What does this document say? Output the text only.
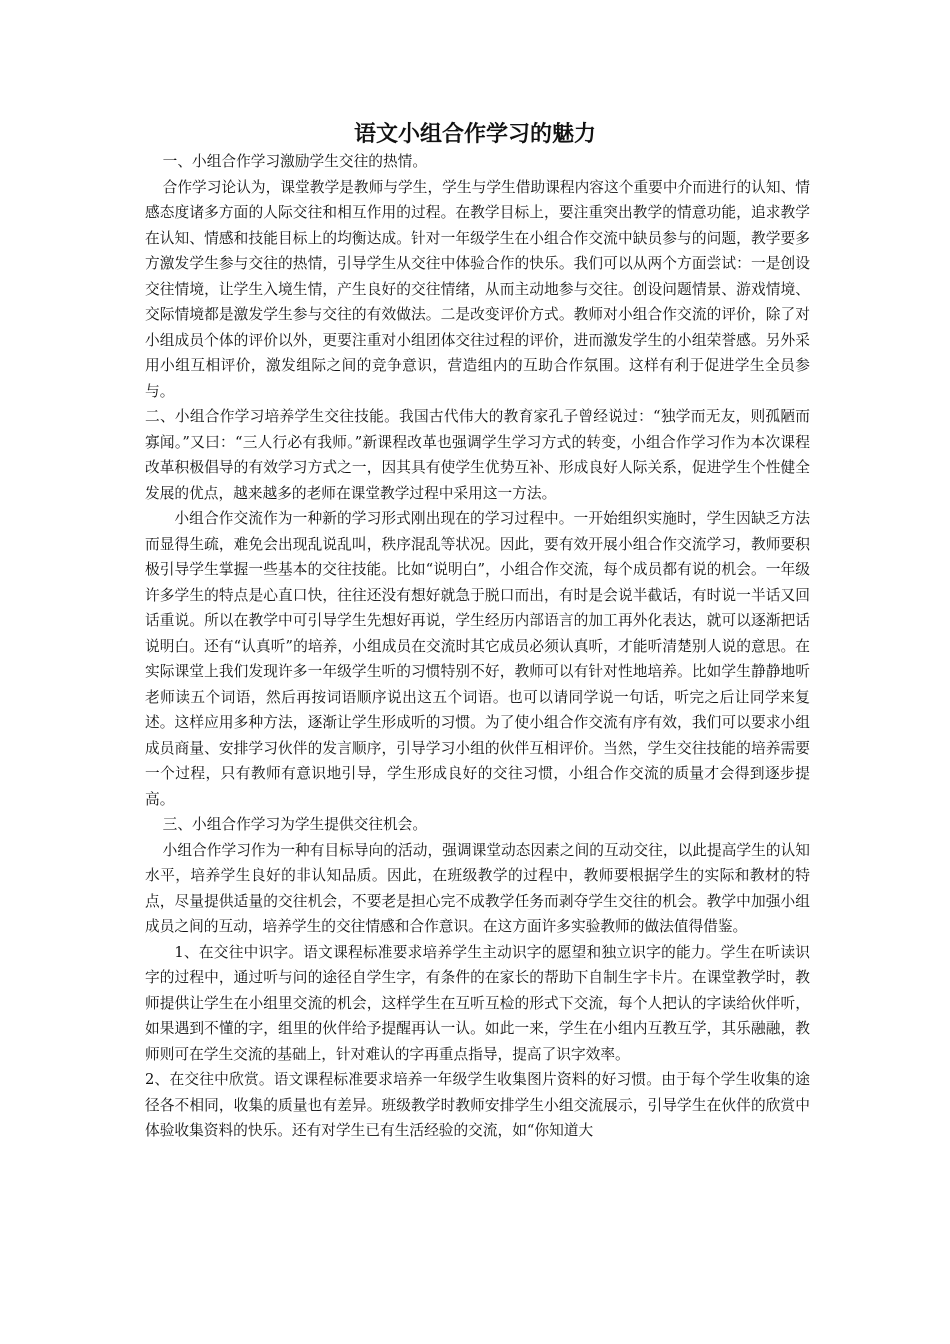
语文小组合作学习的魅力

一、小组合作学习激励学生交往的热情。

合作学习论认为，课堂教学是教师与学生，学生与学生借助课程内容这个重要中介而进行的认知、情感态度诸多方面的人际交往和相互作用的过程。在教学目标上，要注重突出教学的情意功能，追求教学在认知、情感和技能目标上的均衡达成。针对一年级学生在小组合作交流中缺员参与的问题，教学要多方激发学生参与交往的热情，引导学生从交往中体验合作的快乐。我们可以从两个方面尝试：一是创设交往情境，让学生入境生情，产生良好的交往情绪，从而主动地参与交往。创设问题情景、游戏情境、交际情境都是激发学生参与交往的有效做法。二是改变评价方式。教师对小组合作交流的评价，除了对小组成员个体的评价以外，更要注重对小组团体交往过程的评价，进而激发学生的小组荣誉感。另外采用小组互相评价，激发组际之间的竞争意识，营造组内的互助合作氛围。这样有利于促进学生全员参与。

二、小组合作学习培养学生交往技能。我国古代伟大的教育家孔子曾经说过：“独学而无友，则孤陋而寡闻。”又曰：“三人行必有我师。”新课程改革也强调学生学习方式的转变，小组合作学习作为本次课程改革积极倡导的有效学习方式之一，因其具有使学生优势互补、形成良好人际关系，促进学生个性健全发展的优点，越来越多的老师在课堂教学过程中采用这一方法。

小组合作交流作为一种新的学习形式刚出现在的学习过程中。一开始组织实施时，学生因缺乏方法而显得生疏，难免会出现乱说乱叫，秩序混乱等状况。因此，要有效开展小组合作交流学习，教师要积极引导学生掌握一些基本的交往技能。比如“说明白”，小组合作交流，每个成员都有说的机会。一年级许多学生的特点是心直口快，往往还没有想好就急于脱口而出，有时是会说半截话，有时说一半话又回话重说。所以在教学中可引导学生先想好再说，学生经历内部语言的加工再外化表达，就可以逐渐把话说明白。还有“认真听”的培养，小组成员在交流时其它成员必须认真听，才能听清楚别人说的意思。在实际课堂上我们发现许多一年级学生听的习惯特别不好，教师可以有针对性地培养。比如学生静静地听老师读五个词语，然后再按词语顺序说出这五个词语。也可以请同学说一句话，听完之后让同学来复述。这样应用多种方法，逐渐让学生形成听的习惯。为了使小组合作交流有序有效，我们可以要求小组成员商量、安排学习伙伴的发言顺序，引导学习小组的伙伴互相评价。当然，学生交往技能的培养需要一个过程，只有教师有意识地引导，学生形成良好的交往习惯，小组合作交流的质量才会得到逐步提高。

三、小组合作学习为学生提供交往机会。

小组合作学习作为一种有目标导向的活动，强调课堂动态因素之间的互动交往，以此提高学生的认知水平，培养学生良好的非认知品质。因此，在班级教学的过程中，教师要根据学生的实际和教材的特点，尽量提供适量的交往机会，不要老是担心完不成教学任务而剥夺学生交往的机会。教学中加强小组成员之间的互动，培养学生的交往情感和合作意识。在这方面许多实验教师的做法值得借鉴。

1、在交往中识字。语文课程标准要求培养学生主动识字的愿望和独立识字的能力。学生在听读识字的过程中，通过听与问的途径自学生字，有条件的在家长的帮助下自制生字卡片。在课堂教学时，教师提供让学生在小组里交流的机会，这样学生在互听互检的形式下交流，每个人把认的字读给伙伴听，如果遇到不懂的字，组里的伙伴给予提醒再认一认。如此一来，学生在小组内互教互学，其乐融融，教师则可在学生交流的基础上，针对难认的字再重点指导，提高了识字效率。

2、在交往中欣赏。语文课程标准要求培养一年级学生收集图片资料的好习惯。由于每个学生收集的途径各不相同，收集的质量也有差异。班级教学时教师安排学生小组交流展示，引导学生在伙伴的欣赏中体验收集资料的快乐。还有对学生已有生活经验的交流，如“你知道大
